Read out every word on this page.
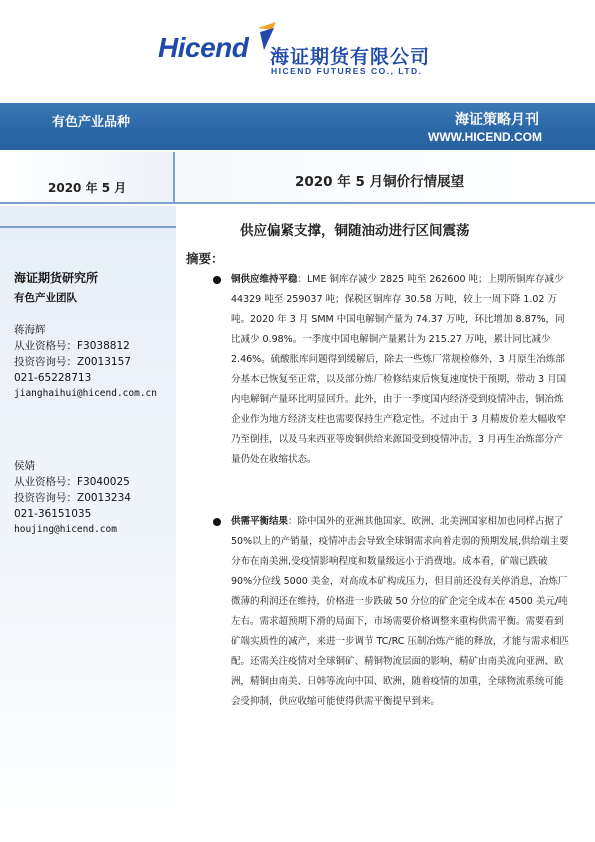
Hicend 海证期货有限公司
HICEND FUTURES CO., LTD.
有色产业品种	海证策略月刊
WWW.HICEND.COM
2020 年 5 月	2020 年 5 月铜价行情展望
海证期货研究所
有色产业团队
蒋海辉
从业资格号：F3038812
投资咨询号：Z0013157
021-65228713
jianghaihui@hicend.com.cn
侯婧
从业资格号：F3040025
投资咨询号：Z0013234
021-36151035
houjing@hicend.com
供应偏紧支撑，铜随油动进行区间震荡
摘要：
铜供应维持平稳：LME 铜库存减少 2825 吨至 262600 吨；上期所铜库存减少 44329 吨至 259037 吨；保税区铜库存 30.58 万吨，较上一周下降 1.02 万吨。2020 年 3 月 SMM 中国电解铜产量为 74.37 万吨，环比增加 8.87%，同比减少 0.98%。一季度中国电解铜产量累计为 215.27 万吨，累计同比减少 2.46%。硫酸胀库问题得到缓解后，除去一些炼厂常规检修外，3 月原生冶炼部分基本已恢复至正常，以及部分炼厂检修结束后恢复速度快于预期，带动 3 月国内电解铜产量环比明显回升。此外，由于一季度国内经济受到疫情冲击，铜冶炼企业作为地方经济支柱也需要保持生产稳定性。不过由于 3 月精废价差大幅收窄乃至倒挂，以及马来西亚等废铜供给来源国受到疫情冲击，3 月再生冶炼部分产量仍处在收缩状态。
供需平衡结果：除中国外的亚洲其他国家、欧洲、北美洲国家相加也同样占据了 50%以上的产销量，疫情冲击会导致全球铜需求向着走弱的预期发展,供给端主要分布在南美洲,受疫情影响程度和数量级远小于消费地。成本看，矿端已跌破 90%分位线 5000 美金，对高成本矿构成压力，但目前还没有关停消息，冶炼厂微薄的利润还在维持，价格进一步跌破 50 分位的矿企完全成本在 4500 美元/吨左右。需求超预期下滑的局面下，市场需要价格调整来重构供需平衡。需要看到矿端实质性的减产，来进一步调节 TC/RC 压制冶炼产能的释放，才能与需求相匹配。还需关注疫情对全球铜矿、精铜物流层面的影响，精矿由南美流向亚洲、欧洲，精铜由南美、日韩等流向中国、欧洲，随着疫情的加重，全球物流系统可能会受抑制，供应收缩可能使得供需平衡提早到来。
